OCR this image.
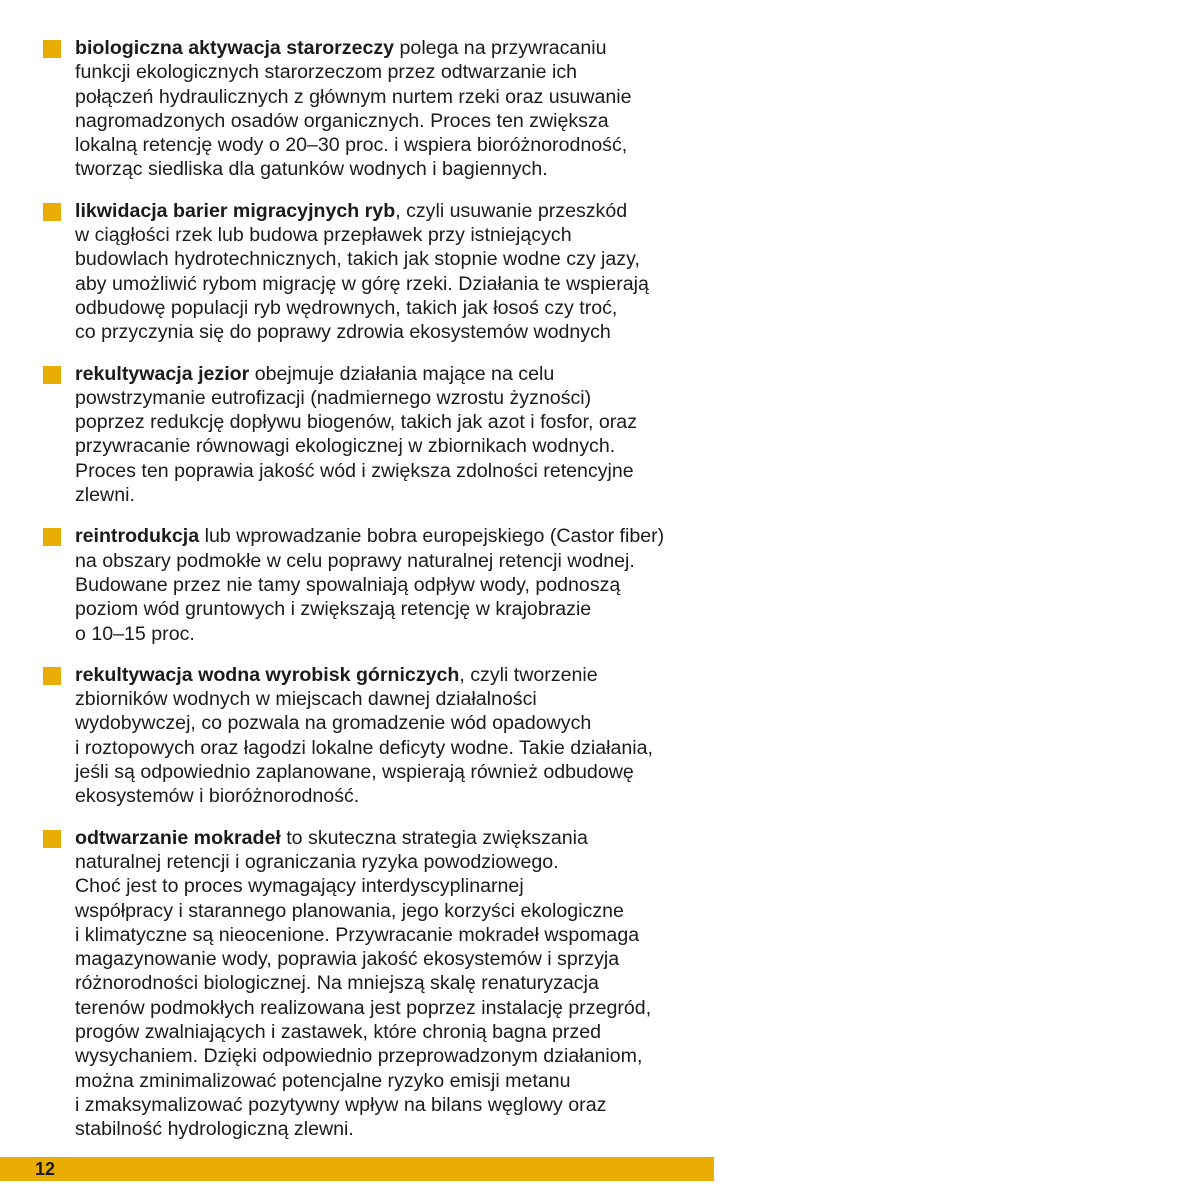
biologiczna aktywacja starorzeczy polega na przywracaniu
funkcji ekologicznych starorzeczom przez odtwarzanie ich
połączeń hydraulicznych z głównym nurtem rzeki oraz usuwanie
nagromadzonych osadów organicznych. Proces ten zwiększa
lokalną retencję wody o 20–30 proc. i wspiera bioróżnorodność,
tworząc siedliska dla gatunków wodnych i bagiennych.
likwidacja barier migracyjnych ryb, czyli usuwanie przeszkód
w ciągłości rzek lub budowa przepławek przy istniejących
budowlach hydrotechnicznych, takich jak stopnie wodne czy jazy,
aby umożliwić rybom migrację w górę rzeki. Działania te wspierają
odbudowę populacji ryb wędrownych, takich jak łosoś czy troć,
co przyczynia się do poprawy zdrowia ekosystemów wodnych
rekultywacja jezior obejmuje działania mające na celu
powstrzymanie eutrofizacji (nadmiernego wzrostu żyzności)
poprzez redukcję dopływu biogenów, takich jak azot i fosfor, oraz
przywracanie równowagi ekologicznej w zbiornikach wodnych.
Proces ten poprawia jakość wód i zwiększa zdolności retencyjne
zlewni.
reintrodukcja lub wprowadzanie bobra europejskiego (Castor fiber)
na obszary podmokłe w celu poprawy naturalnej retencji wodnej.
Budowane przez nie tamy spowalniają odpływ wody, podnoszą
poziom wód gruntowych i zwiększają retencję w krajobrazie
o 10–15 proc.
rekultywacja wodna wyrobisk górniczych, czyli tworzenie
zbiorników wodnych w miejscach dawnej działalności
wydobywczej, co pozwala na gromadzenie wód opadowych
i roztopowych oraz łagodzi lokalne deficyty wodne. Takie działania,
jeśli są odpowiednio zaplanowane, wspierają również odbudowę
ekosystemów i bioróżnorodność.
odtwarzanie mokradeł to skuteczna strategia zwiększania
naturalnej retencji i ograniczania ryzyka powodziowego.
Choć jest to proces wymagający interdyscyplinarnej
współpracy i starannego planowania, jego korzyści ekologiczne
i klimatyczne są nieocenione. Przywracanie mokradeł wspomaga
magazynowanie wody, poprawia jakość ekosystemów i sprzyja
różnorodności biologicznej. Na mniejszą skalę renaturyzacja
terenów podmokłych realizowana jest poprzez instalację przegród,
progów zwalniających i zastawek, które chronią bagna przed
wysychaniem. Dzięki odpowiednio przeprowadzonym działaniom,
można zminimalizować potencjalne ryzyko emisji metanu
i zmaksymalizować pozytywny wpływ na bilans węglowy oraz
stabilność hydrologiczną zlewni.
12
